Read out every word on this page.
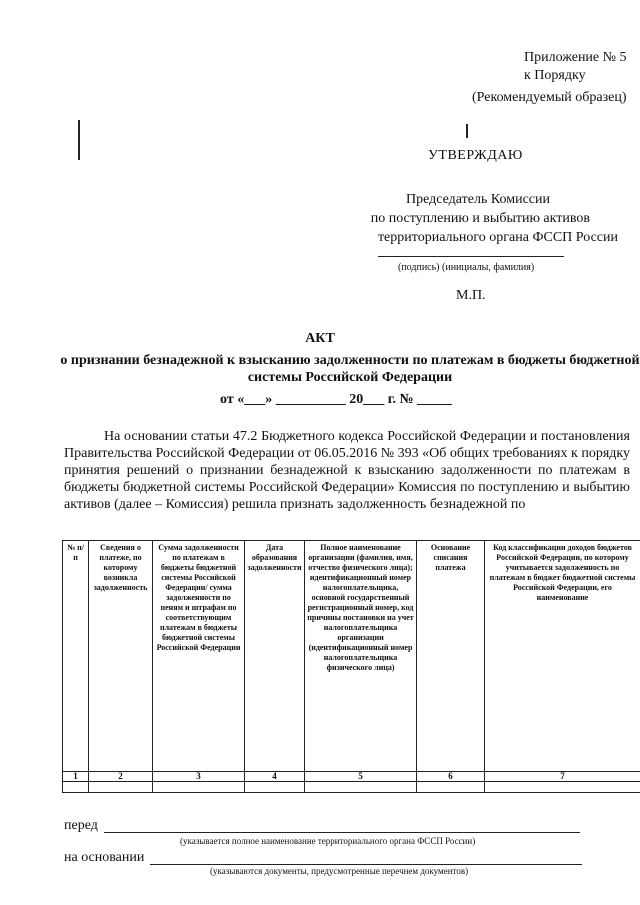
Приложение № 5
к Порядку
(Рекомендуемый образец)
УТВЕРЖДАЮ
Председатель Комиссии
по поступлению и выбытию активов
территориального органа ФССП России
(подпись) (инициалы, фамилия)
М.П.
АКТ
о признании безнадежной к взысканию задолженности по платежам в бюджеты бюджетной системы Российской Федерации
от «___» __________ 20___ г. № _____
На основании статьи 47.2 Бюджетного кодекса Российской Федерации и постановления Правительства Российской Федерации от 06.05.2016 № 393 «Об общих требованиях к порядку принятия решений о признании безнадежной к взысканию задолженности по платежам в бюджеты бюджетной системы Российской Федерации» Комиссия по поступлению и выбытию активов (далее – Комиссия) решила признать задолженность безнадежной по
№ п/п	Сведения о платеже, по которому возникла задолженность	Сумма задолженности по платежам в бюджеты бюджетной системы Российской Федерации/ сумма задолженности по пеням и штрафам по соответствующим платежам в бюджеты бюджетной системы Российской Федерации	Дата образования задолженности	Полное наименование организации (фамилия, имя, отчество физического лица); идентификационный номер налогоплательщика, основной государственный регистрационный номер, код причины постановки на учет налогоплательщика организации (идентификационный номер налогоплательщика физического лица)	Основание списания платежа	Код классификации доходов бюджетов Российской Федерации, по которому учитывается задолженность по платежам в бюджет бюджетной системы Российской Федерации, его наименование
1	2	3	4	5	6	7

перед
(указывается полное наименование территориального органа ФССП России)
на основании
(указываются документы, предусмотренные перечнем документов)
